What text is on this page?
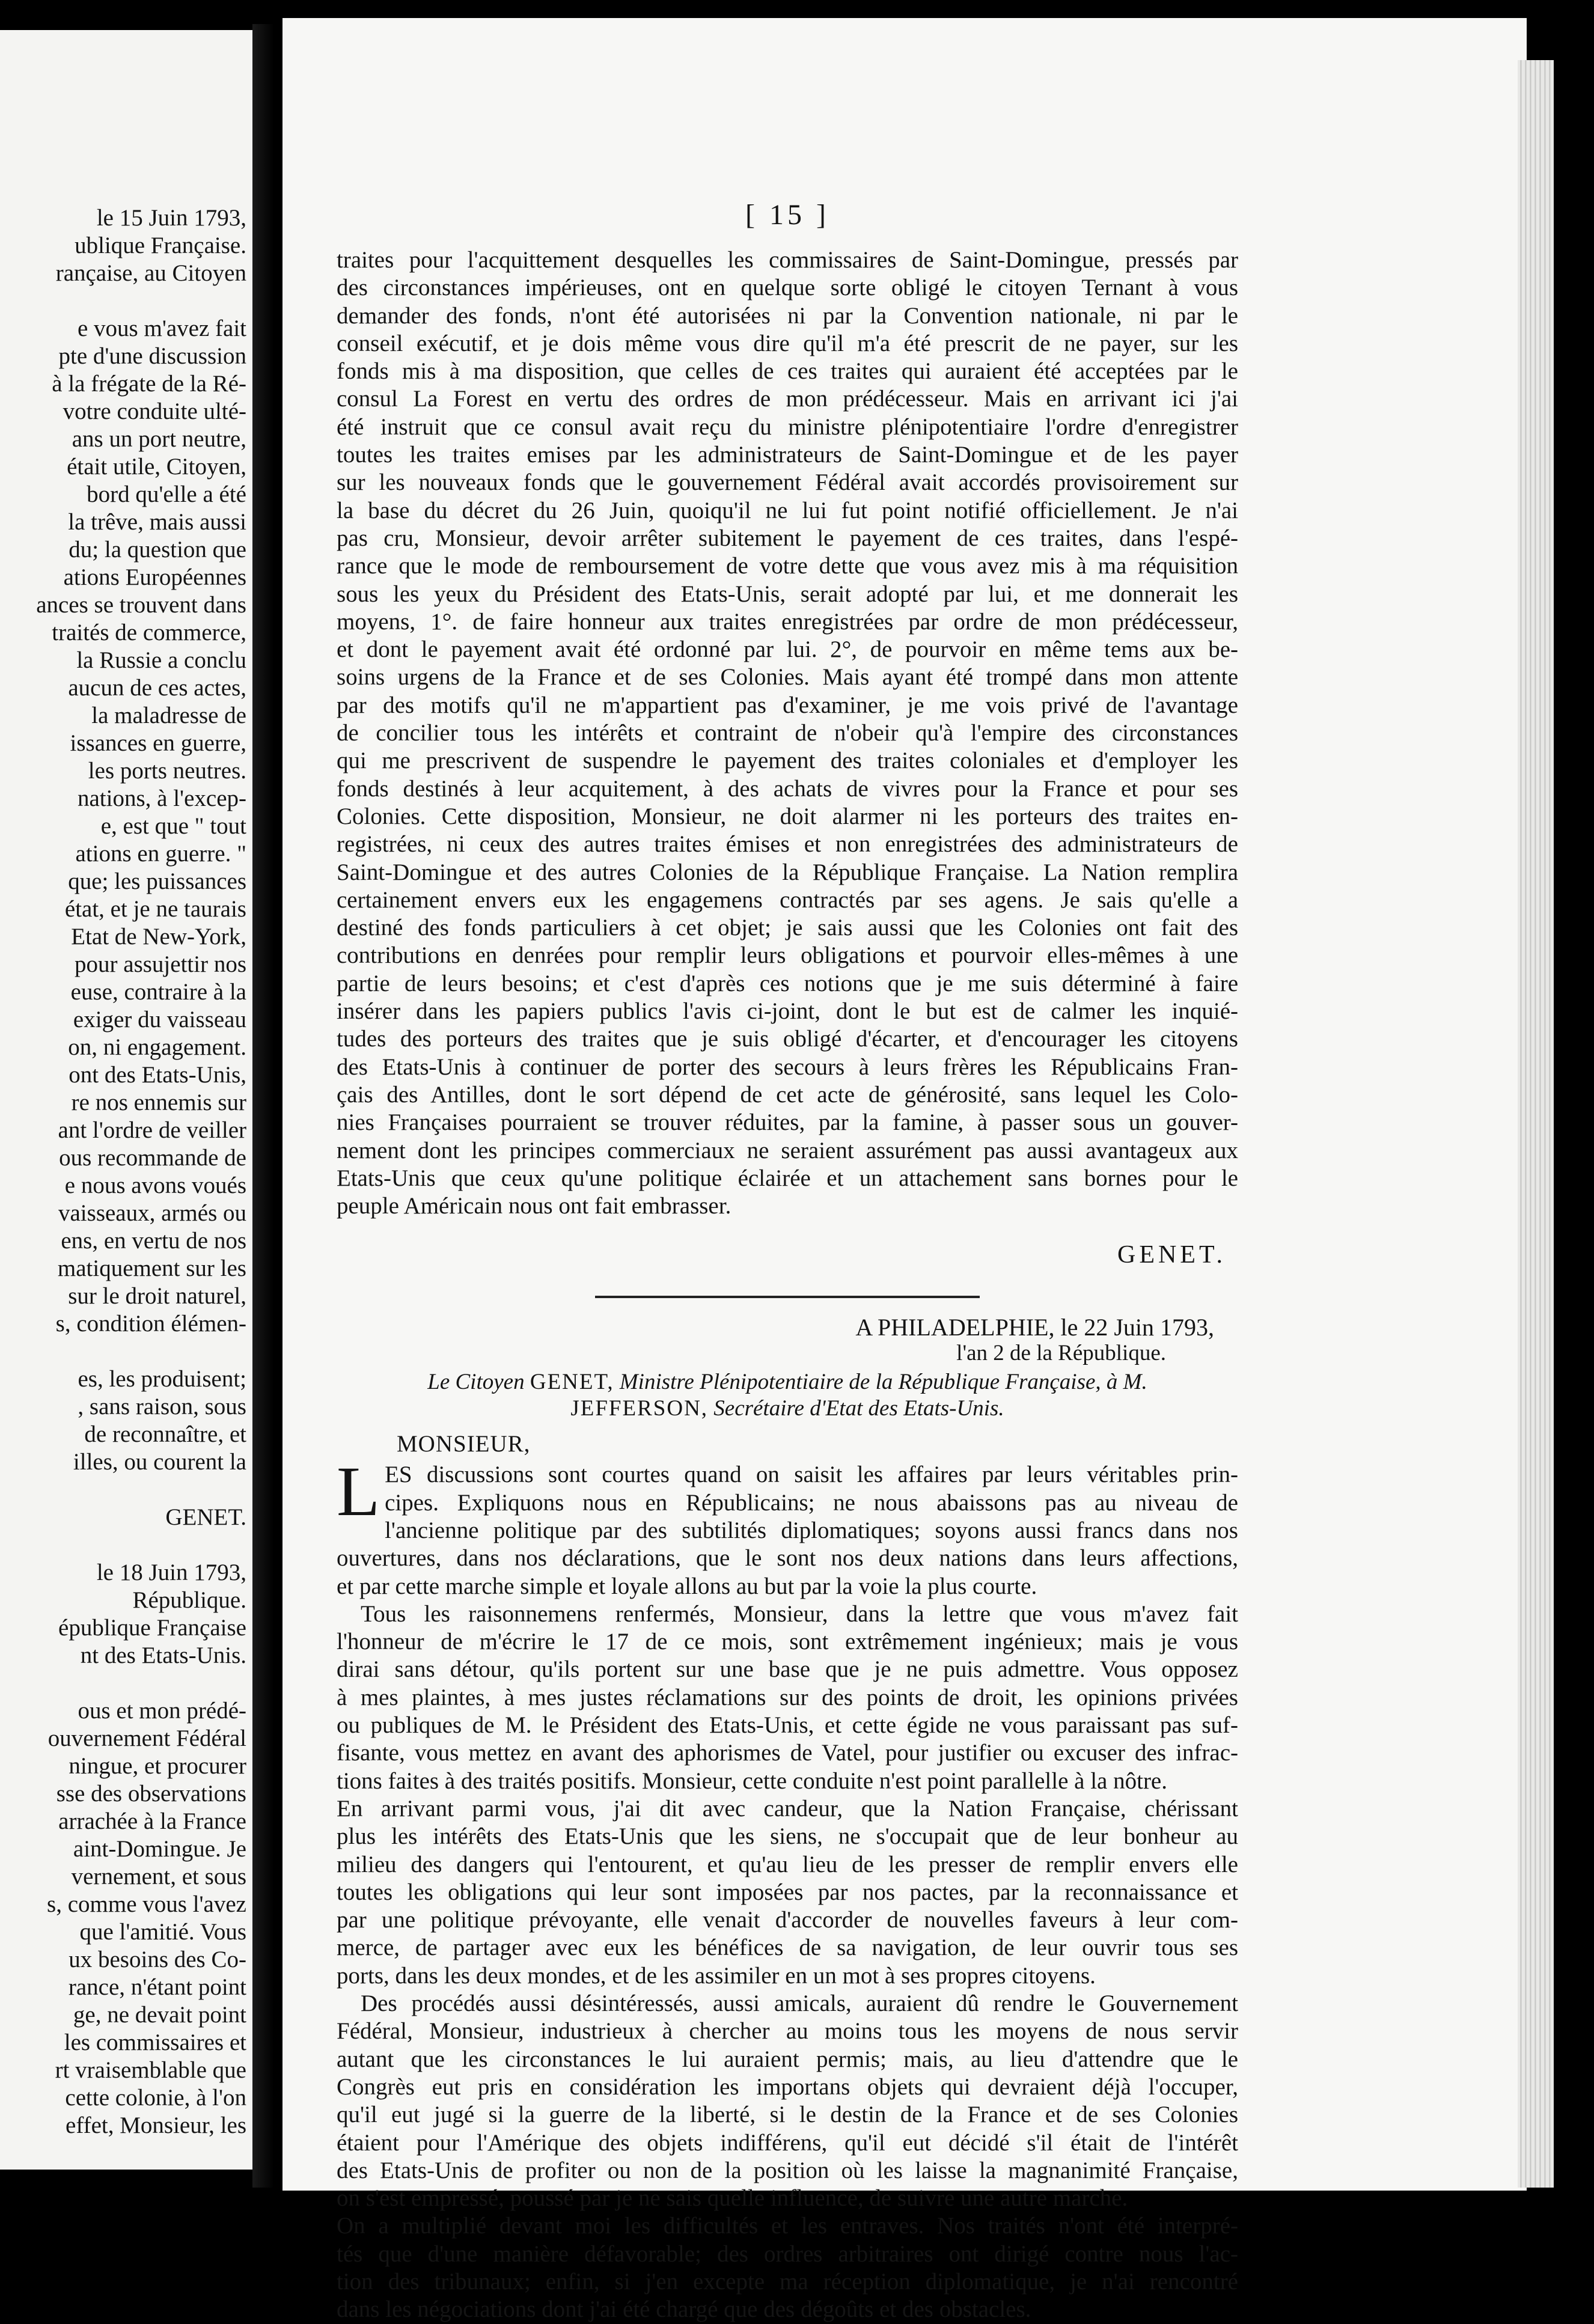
le 15 Juin 1793,
ublique Française.
rançaise, au Citoyen

e vous m'avez fait
pte d'une discussion
à la frégate de la Ré-
votre conduite ulté-
ans un port neutre,
était utile, Citoyen,
bord qu'elle a été
la trêve, mais aussi
du; la question que
ations Européennes
ances se trouvent dans
traités de commerce,
la Russie a conclu
aucun de ces actes,
la maladresse de
issances en guerre,
les ports neutres.
nations, à l'excep-
e, est que " tout
ations en guerre. "
que; les puissances
état, et je ne taurais
Etat de New-York,
pour assujettir nos
euse, contraire à la
exiger du vaisseau
on, ni engagement.
ont des Etats-Unis,
re nos ennemis sur
ant l'ordre de veiller
ous recommande de
e nous avons voués
vaisseaux, armés ou
ens, en vertu de nos
matiquement sur les
sur le droit naturel,
s, condition élémen-

es, les produisent;
, sans raison, sous
de reconnaître, et
illes, ou courent la

GENET.

le 18 Juin 1793,
République.
épublique Française
nt des Etats-Unis.

ous et mon prédé-
ouvernement Fédéral
ningue, et procurer
sse des observations
arrachée à la France
aint-Domingue. Je
vernement, et sous
s, comme vous l'avez
que l'amitié. Vous
ux besoins des Co-
rance, n'étant point
ge, ne devait point
les commissaires et
rt vraisemblable que
cette colonie, à l'on
effet, Monsieur, les
[ 15 ]
traites pour l'acquittement desquelles les commissaires de Saint-Domingue, pressés par
des circonstances impérieuses, ont en quelque sorte obligé le citoyen Ternant à vous
demander des fonds, n'ont été autorisées ni par la Convention nationale, ni par le
conseil exécutif, et je dois même vous dire qu'il m'a été prescrit de ne payer, sur les
fonds mis à ma disposition, que celles de ces traites qui auraient été acceptées par le
consul La Forest en vertu des ordres de mon prédécesseur. Mais en arrivant ici j'ai
été instruit que ce consul avait reçu du ministre plénipotentiaire l'ordre d'enregistrer
toutes les traites emises par les administrateurs de Saint-Domingue et de les payer
sur les nouveaux fonds que le gouvernement Fédéral avait accordés provisoirement sur
la base du décret du 26 Juin, quoiqu'il ne lui fut point notifié officiellement. Je n'ai
pas cru, Monsieur, devoir arrêter subitement le payement de ces traites, dans l'espé-
rance que le mode de remboursement de votre dette que vous avez mis à ma réquisition
sous les yeux du Président des Etats-Unis, serait adopté par lui, et me donnerait les
moyens, 1°. de faire honneur aux traites enregistrées par ordre de mon prédécesseur,
et dont le payement avait été ordonné par lui. 2°, de pourvoir en même tems aux be-
soins urgens de la France et de ses Colonies. Mais ayant été trompé dans mon attente
par des motifs qu'il ne m'appartient pas d'examiner, je me vois privé de l'avantage
de concilier tous les intérêts et contraint de n'obeir qu'à l'empire des circonstances
qui me prescrivent de suspendre le payement des traites coloniales et d'employer les
fonds destinés à leur acquitement, à des achats de vivres pour la France et pour ses
Colonies. Cette disposition, Monsieur, ne doit alarmer ni les porteurs des traites en-
registrées, ni ceux des autres traites émises et non enregistrées des administrateurs de
Saint-Domingue et des autres Colonies de la République Française. La Nation remplira
certainement envers eux les engagemens contractés par ses agens. Je sais qu'elle a
destiné des fonds particuliers à cet objet; je sais aussi que les Colonies ont fait des
contributions en denrées pour remplir leurs obligations et pourvoir elles-mêmes à une
partie de leurs besoins; et c'est d'après ces notions que je me suis déterminé à faire
insérer dans les papiers publics l'avis ci-joint, dont le but est de calmer les inquié-
tudes des porteurs des traites que je suis obligé d'écarter, et d'encourager les citoyens
des Etats-Unis à continuer de porter des secours à leurs frères les Républicains Fran-
çais des Antilles, dont le sort dépend de cet acte de générosité, sans lequel les Colo-
nies Françaises pourraient se trouver réduites, par la famine, à passer sous un gouver-
nement dont les principes commerciaux ne seraient assurément pas aussi avantageux aux
Etats-Unis que ceux qu'une politique éclairée et un attachement sans bornes pour le
peuple Américain nous ont fait embrasser.
GENET.
A PHILADELPHIE, le 22 Juin 1793,
l'an 2 de la République.
Le Citoyen GENET, Ministre Plénipotentiaire de la République Française, à M.
JEFFERSON, Secrétaire d'Etat des Etats-Unis.
MONSIEUR,
L ES discussions sont courtes quand on saisit les affaires par leurs véritables prin-
cipes. Expliquons nous en Républicains; ne nous abaissons pas au niveau de
l'ancienne politique par des subtilités diplomatiques; soyons aussi francs dans nos
ouvertures, dans nos déclarations, que le sont nos deux nations dans leurs affections,
et par cette marche simple et loyale allons au but par la voie la plus courte.
Tous les raisonnemens renfermés, Monsieur, dans la lettre que vous m'avez fait
l'honneur de m'écrire le 17 de ce mois, sont extrêmement ingénieux; mais je vous
dirai sans détour, qu'ils portent sur une base que je ne puis admettre. Vous opposez
à mes plaintes, à mes justes réclamations sur des points de droit, les opinions privées
ou publiques de M. le Président des Etats-Unis, et cette égide ne vous paraissant pas suf-
fisante, vous mettez en avant des aphorismes de Vatel, pour justifier ou excuser des infrac-
tions faites à des traités positifs. Monsieur, cette conduite n'est point parallelle à la nôtre.
En arrivant parmi vous, j'ai dit avec candeur, que la Nation Française, chérissant
plus les intérêts des Etats-Unis que les siens, ne s'occupait que de leur bonheur au
milieu des dangers qui l'entourent, et qu'au lieu de les presser de remplir envers elle
toutes les obligations qui leur sont imposées par nos pactes, par la reconnaissance et
par une politique prévoyante, elle venait d'accorder de nouvelles faveurs à leur com-
merce, de partager avec eux les bénéfices de sa navigation, de leur ouvrir tous ses
ports, dans les deux mondes, et de les assimiler en un mot à ses propres citoyens.
Des procédés aussi désintéressés, aussi amicals, auraient dû rendre le Gouvernement
Fédéral, Monsieur, industrieux à chercher au moins tous les moyens de nous servir
autant que les circonstances le lui auraient permis; mais, au lieu d'attendre que le
Congrès eut pris en considération les importans objets qui devraient déjà l'occuper,
qu'il eut jugé si la guerre de la liberté, si le destin de la France et de ses Colonies
étaient pour l'Amérique des objets indifférens, qu'il eut décidé s'il était de l'intérêt
des Etats-Unis de profiter ou non de la position où les laisse la magnanimité Française,
on s'est empressé, poussé par je ne sais quelle influence, de suivre une autre marche.
On a multiplié devant moi les difficultés et les entraves. Nos traités n'ont été interpré-
tés que d'une manière défavorable; des ordres arbitraires ont dirigé contre nous l'ac-
tion des tribunaux; enfin, si j'en excepte ma réception diplomatique, je n'ai rencontré
dans les négociations dont j'ai été chargé que des dégoûts et des obstacles.
